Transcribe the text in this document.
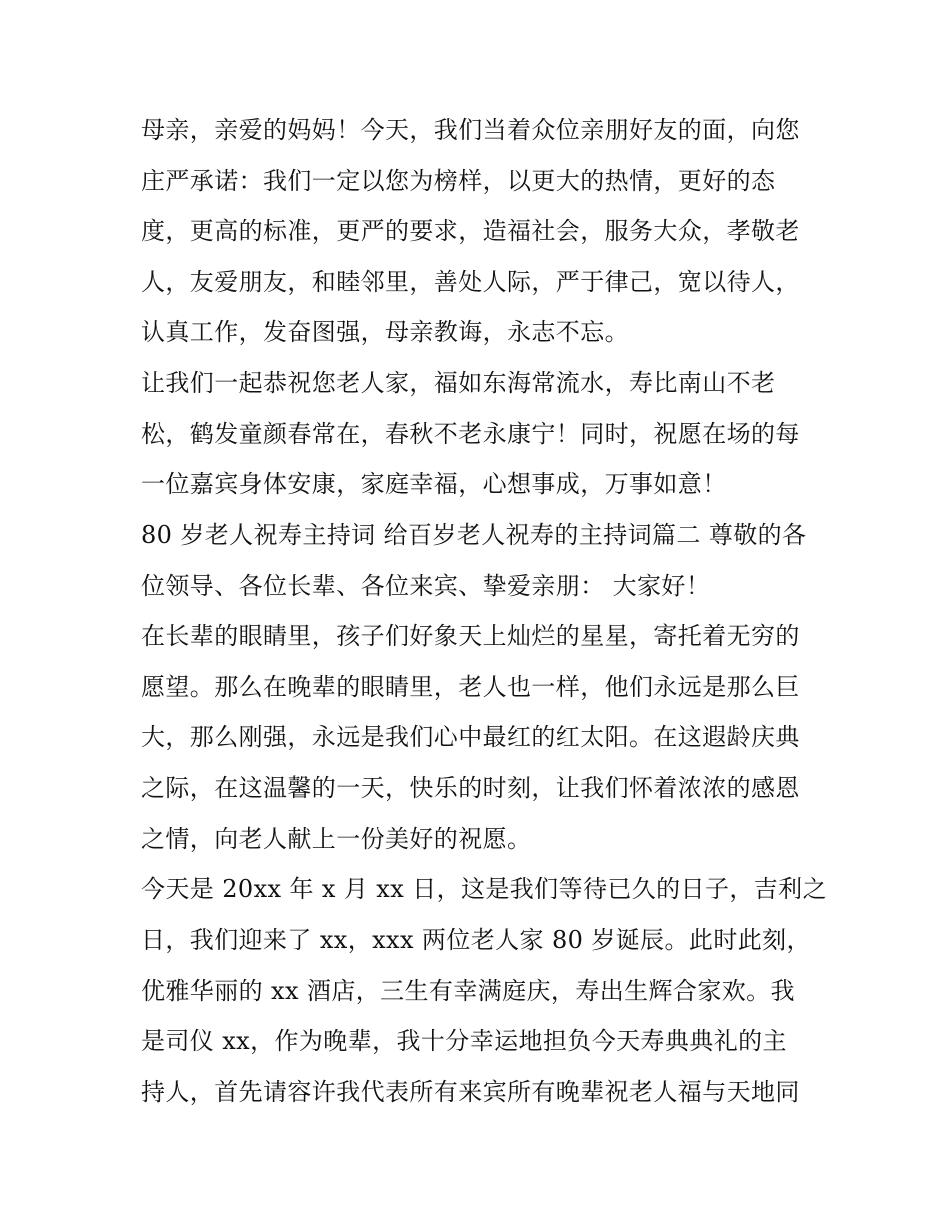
母亲，亲爱的妈妈！今天，我们当着众位亲朋好友的面，向您
庄严承诺：我们一定以您为榜样，以更大的热情，更好的态
度，更高的标准，更严的要求，造福社会，服务大众，孝敬老
人，友爱朋友，和睦邻里，善处人际，严于律己，宽以待人，
认真工作，发奋图强，母亲教诲，永志不忘。
让我们一起恭祝您老人家，福如东海常流水，寿比南山不老
松，鹤发童颜春常在，春秋不老永康宁！同时，祝愿在场的每
一位嘉宾身体安康，家庭幸福，心想事成，万事如意！
80 岁老人祝寿主持词 给百岁老人祝寿的主持词篇二 尊敬的各
位领导、各位长辈、各位来宾、挚爱亲朋： 大家好！
在长辈的眼睛里，孩子们好象天上灿烂的星星，寄托着无穷的
愿望。那么在晚辈的眼睛里，老人也一样，他们永远是那么巨
大，那么刚强，永远是我们心中最红的红太阳。在这遐龄庆典
之际，在这温馨的一天，快乐的时刻，让我们怀着浓浓的感恩
之情，向老人献上一份美好的祝愿。
今天是 20xx 年 x 月 xx 日，这是我们等待已久的日子，吉利之
日，我们迎来了 xx，xxx 两位老人家 80 岁诞辰。此时此刻，
优雅华丽的 xx 酒店，三生有幸满庭庆，寿出生辉合家欢。我
是司仪 xx，作为晚辈，我十分幸运地担负今天寿典典礼的主
持人，首先请容许我代表所有来宾所有晚辈祝老人福与天地同
